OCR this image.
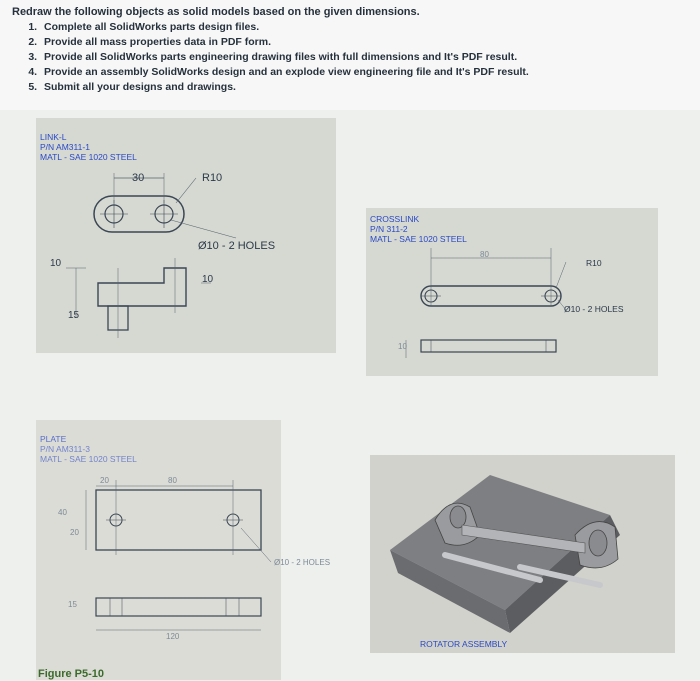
Redraw the following objects as solid models based on the given dimensions.
1. Complete all SolidWorks parts design files.
2. Provide all mass properties data in PDF form.
3. Provide all SolidWorks parts engineering drawing files with full dimensions and It's PDF result.
4. Provide an assembly SolidWorks design and an explode view engineering file and It's PDF result.
5. Submit all your designs and drawings.
LINK-L
P/N AM311-1
MATL - SAE 1020 STEEL
30	R10
Ø10 - 2 HOLES
10
10
15
CROSSLINK
P/N 311-2
MATL - SAE 1020 STEEL
80
R10
Ø10 - 2 HOLES
10
PLATE
P/N AM311-3
MATL - SAE 1020 STEEL
20	80
40
20
Ø10 - 2 HOLES
15
120
ROTATOR ASSEMBLY
Figure P5-10
